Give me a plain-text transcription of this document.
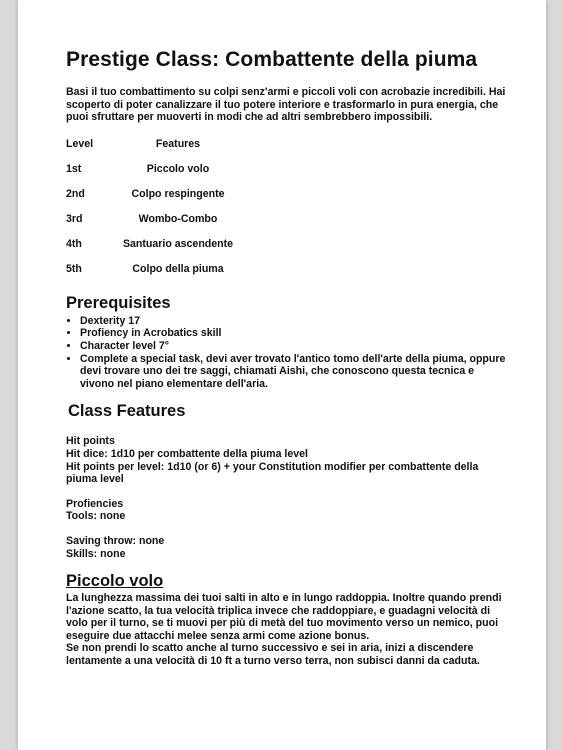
Prestige Class: Combattente della piuma

Basi il tuo combattimento su colpi senz'armi e piccoli voli con acrobazie incredibili. Hai scoperto di poter canalizzare il tuo potere interiore e trasformarlo in pura energia, che puoi sfruttare per muoverti in modi che ad altri sembrebbero impossibili.

Level	Features
1st	Piccolo volo
2nd	Colpo respingente
3rd	Wombo-Combo
4th	Santuario ascendente
5th	Colpo della piuma
Prerequisites
• Dexterity 17
• Profiency in Acrobatics skill
• Character level 7°
• Complete a special task, devi aver trovato l'antico tomo dell'arte della piuma, oppure devi trovare uno dei tre saggi, chiamati Aishi, che conoscono questa tecnica e vivono nel piano elementare dell'aria.
Class Features

Hit points

Hit dice: 1d10 per combattente della piuma level

Hit points per level: 1d10 (or 6) + your Constitution modifier per combattente della piuma level

Profiencies

Tools: none

Saving throw: none

Skills: none

Piccolo volo

La lunghezza massima dei tuoi salti in alto e in lungo raddoppia. Inoltre quando prendi l'azione scatto, la tua velocità triplica invece che raddoppiare, e guadagni velocità di volo per il turno, se ti muovi per più di metà del tuo movimento verso un nemico, puoi eseguire due attacchi melee senza armi come azione bonus.

Se non prendi lo scatto anche al turno successivo e sei in aria, inizi a discendere lentamente a una velocità di 10 ft a turno verso terra, non subisci danni da caduta.
